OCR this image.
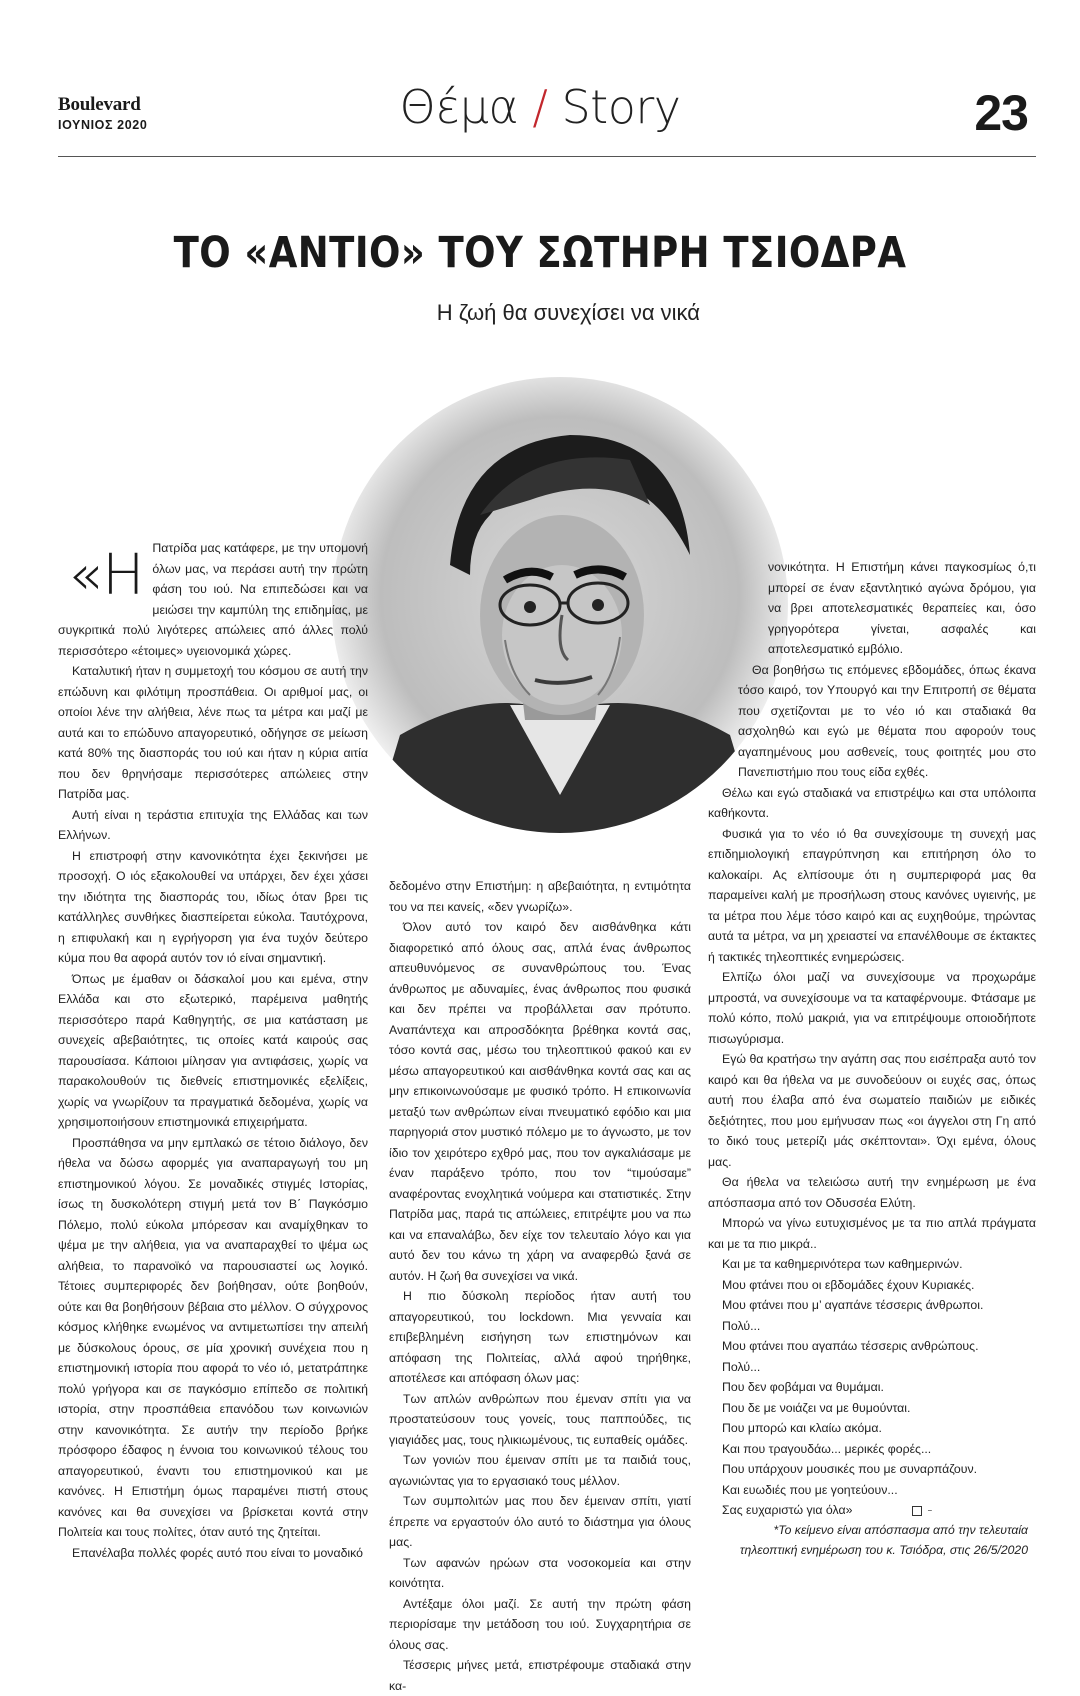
Boulevard
ΙΟΥΝΙΟΣ 2020	Θέμα / Story	23
ΤΟ «ΑΝΤΙΟ» ΤΟΥ ΣΩΤΗΡΗ ΤΣΙΟΔΡΑ

Η ζωή θα συνεχίσει να νικά

«Η Πατρίδα μας κατάφερε, με την υπομονή όλων μας, να περάσει αυτή την πρώτη φάση του ιού. Να επιπεδώσει και να μειώσει την καμπύλη της επιδημίας, με συγκριτικά πολύ λιγότερες απώλειες από άλλες πολύ περισσότερο «έτοιμες» υγειονομικά χώρες.

Καταλυτική ήταν η συμμετοχή του κόσμου σε αυτή την επώδυνη και φιλότιμη προσπάθεια. Οι αριθμοί μας, οι οποίοι λένε την αλήθεια, λένε πως τα μέτρα και μαζί με αυτά και το επώδυνο απαγορευτικό, οδήγησε σε μείωση κατά 80% της διασποράς του ιού και ήταν η κύρια αιτία που δεν θρηνήσαμε περισσότερες απώλειες στην Πατρίδα μας.

Αυτή είναι η τεράστια επιτυχία της Ελλάδας και των Ελλήνων.

Η επιστροφή στην κανονικότητα έχει ξεκινήσει με προσοχή. Ο ιός εξακολουθεί να υπάρχει, δεν έχει χάσει την ιδιότητα της διασποράς του, ιδίως όταν βρει τις κατάλληλες συνθήκες διασπείρεται εύκολα. Ταυτόχρονα, η επιφυλακή και η εγρήγορση για ένα τυχόν δεύτερο κύμα που θα αφορά αυτόν τον ιό είναι σημαντική.

Όπως με έμαθαν οι δάσκαλοί μου και εμένα, στην Ελλάδα και στο εξωτερικό, παρέμεινα μαθητής περισσότερο παρά Καθηγητής, σε μια κατάσταση με συνεχείς αβεβαιότητες, τις οποίες κατά καιρούς σας παρουσίασα. Κάποιοι μίλησαν για αντιφάσεις, χωρίς να παρακολουθούν τις διεθνείς επιστημονικές εξελίξεις, χωρίς να γνωρίζουν τα πραγματικά δεδομένα, χωρίς να χρησιμοποιήσουν επιστημονικά επιχειρήματα.

Προσπάθησα να μην εμπλακώ σε τέτοιο διάλογο, δεν ήθελα να δώσω αφορμές για αναπαραγωγή του μη επιστημονικού λόγου. Σε μοναδικές στιγμές Ιστορίας, ίσως τη δυσκολότερη στιγμή μετά τον Β΄ Παγκόσμιο Πόλεμο, πολύ εύκολα μπόρεσαν και αναμίχθηκαν το ψέμα με την αλήθεια, για να αναπαραχθεί το ψέμα ως αλήθεια, το παρανοϊκό να παρουσιαστεί ως λογικό. Τέτοιες συμπεριφορές δεν βοήθησαν, ούτε βοηθούν, ούτε και θα βοηθήσουν βέβαια στο μέλλον. Ο σύγχρονος κόσμος κλήθηκε ενωμένος να αντιμετωπίσει την απειλή με δύσκολους όρους, σε μία χρονική συνέχεια που η επιστημονική ιστορία που αφορά το νέο ιό, μετατράπηκε πολύ γρήγορα και σε παγκόσμιο επίπεδο σε πολιτική ιστορία, στην προσπάθεια επανόδου των κοινωνιών στην κανονικότητα. Σε αυτήν την περίοδο βρήκε πρόσφορο έδαφος η έννοια του κοινωνικού τέλους του απαγορευτικού, έναντι του επιστημονικού και με κανόνες. Η Επιστήμη όμως παραμένει πιστή στους κανόνες και θα συνεχίσει να βρίσκεται κοντά στην Πολιτεία και τους πολίτες, όταν αυτό της ζητείται.

Επανέλαβα πολλές φορές αυτό που είναι το μοναδικό

δεδομένο στην Επιστήμη: η αβεβαιότητα, η εντιμότητα του να πει κανείς, «δεν γνωρίζω».

Όλον αυτό τον καιρό δεν αισθάνθηκα κάτι διαφορετικό από όλους σας, απλά ένας άνθρωπος απευθυνόμενος σε συνανθρώπους του. Ένας άνθρωπος με αδυναμίες, ένας άνθρωπος που φυσικά και δεν πρέπει να προβάλλεται σαν πρότυπο. Αναπάντεχα και απροσδόκητα βρέθηκα κοντά σας, τόσο κοντά σας, μέσω του τηλεοπτικού φακού και εν μέσω απαγορευτικού και αισθάνθηκα κοντά σας και ας μην επικοινωνούσαμε με φυσικό τρόπο. Η επικοινωνία μεταξύ των ανθρώπων είναι πνευματικό εφόδιο και μια παρηγοριά στον μυστικό πόλεμο με το άγνωστο, με τον ίδιο τον χειρότερο εχθρό μας, που τον αγκαλιάσαμε με έναν παράξενο τρόπο, που τον “τιμούσαμε” αναφέροντας ενοχλητικά νούμερα και στατιστικές. Στην Πατρίδα μας, παρά τις απώλειες, επιτρέψτε μου να πω και να επαναλάβω, δεν είχε τον τελευταίο λόγο και για αυτό δεν του κάνω τη χάρη να αναφερθώ ξανά σε αυτόν. Η ζωή θα συνεχίσει να νικά.

Η πιο δύσκολη περίοδος ήταν αυτή του απαγορευτικού, του lockdown. Μια γενναία και επιβεβλημένη εισήγηση των επιστημόνων και απόφαση της Πολιτείας, αλλά αφού τηρήθηκε, αποτέλεσε και απόφαση όλων μας:

Των απλών ανθρώπων που έμεναν σπίτι για να προστατεύσουν τους γονείς, τους παππούδες, τις γιαγιάδες μας, τους ηλικιωμένους, τις ευπαθείς ομάδες.

Των γονιών που έμειναν σπίτι με τα παιδιά τους, αγωνιώντας για το εργασιακό τους μέλλον.

Των συμπολιτών μας που δεν έμειναν σπίτι, γιατί έπρεπε να εργαστούν όλο αυτό το διάστημα για όλους μας.

Των αφανών ηρώων στα νοσοκομεία και στην κοινότητα.

Αντέξαμε όλοι μαζί. Σε αυτή την πρώτη φάση περιορίσαμε την μετάδοση του ιού. Συγχαρητήρια σε όλους σας.

Τέσσερις μήνες μετά, επιστρέφουμε σταδιακά στην κα-

νονικότητα. Η Επιστήμη κάνει παγκοσμίως ό,τι μπορεί σε έναν εξαντλητικό αγώνα δρόμου, για να βρει αποτελεσματικές θεραπείες και, όσο γρηγορότερα γίνεται, ασφαλές και αποτελεσματικό εμβόλιο.

Θα βοηθήσω τις επόμενες εβδομάδες, όπως έκανα τόσο καιρό, τον Υπουργό και την Επιτροπή σε θέματα που σχετίζονται με το νέο ιό και σταδιακά θα ασχοληθώ και εγώ με θέματα που αφορούν τους αγαπημένους μου ασθενείς, τους φοιτητές μου στο Πανεπιστήμιο που τους είδα εχθές.

Θέλω και εγώ σταδιακά να επιστρέψω και στα υπόλοιπα καθήκοντα.

Φυσικά για το νέο ιό θα συνεχίσουμε τη συνεχή μας επιδημιολογική επαγρύπνηση και επιτήρηση όλο το καλοκαίρι. Ας ελπίσουμε ότι η συμπεριφορά μας θα παραμείνει καλή με προσήλωση στους κανόνες υγιεινής, με τα μέτρα που λέμε τόσο καιρό και ας ευχηθούμε, τηρώντας αυτά τα μέτρα, να μη χρειαστεί να επανέλθουμε σε έκτακτες ή τακτικές τηλεοπτικές ενημερώσεις.

Ελπίζω όλοι μαζί να συνεχίσουμε να προχωράμε μπροστά, να συνεχίσουμε να τα καταφέρνουμε. Φτάσαμε με πολύ κόπο, πολύ μακριά, για να επιτρέψουμε οποιοδήποτε πισωγύρισμα.

Εγώ θα κρατήσω την αγάπη σας που εισέπραξα αυτό τον καιρό και θα ήθελα να με συνοδεύουν οι ευχές σας, όπως αυτή που έλαβα από ένα σωματείο παιδιών με ειδικές δεξιότητες, που μου εμήνυσαν πως «οι άγγελοι στη Γη από το δικό τους μετερίζι μάς σκέπτονται». Όχι εμένα, όλους μας.

Θα ήθελα να τελειώσω αυτή την ενημέρωση με ένα απόσπασμα από τον Οδυσσέα Ελύτη.

Μπορώ να γίνω ευτυχισμένος με τα πιο απλά πράγματα και με τα πιο μικρά..

Και με τα καθημερινότερα των καθημερινών.

Μου φτάνει που οι εβδομάδες έχουν Κυριακές.

Μου φτάνει που μ’ αγαπάνε τέσσερις άνθρωποι.

Πολύ...

Μου φτάνει που αγαπάω τέσσερις ανθρώπους.

Πολύ...

Που δεν φοβάμαι να θυμάμαι.

Που δε με νοιάζει να με θυμούνται.

Που μπορώ και κλαίω ακόμα.

Και που τραγουδάω... μερικές φορές...

Που υπάρχουν μουσικές που με συναρπάζουν.

Και ευωδιές που με γοητεύουν...

Σας ευχαριστώ για όλα»	−

*Το κείμενο είναι απόσπασμα από την τελευταία τηλεοπτική ενημέρωση του κ. Τσιόδρα, στις 26/5/2020
